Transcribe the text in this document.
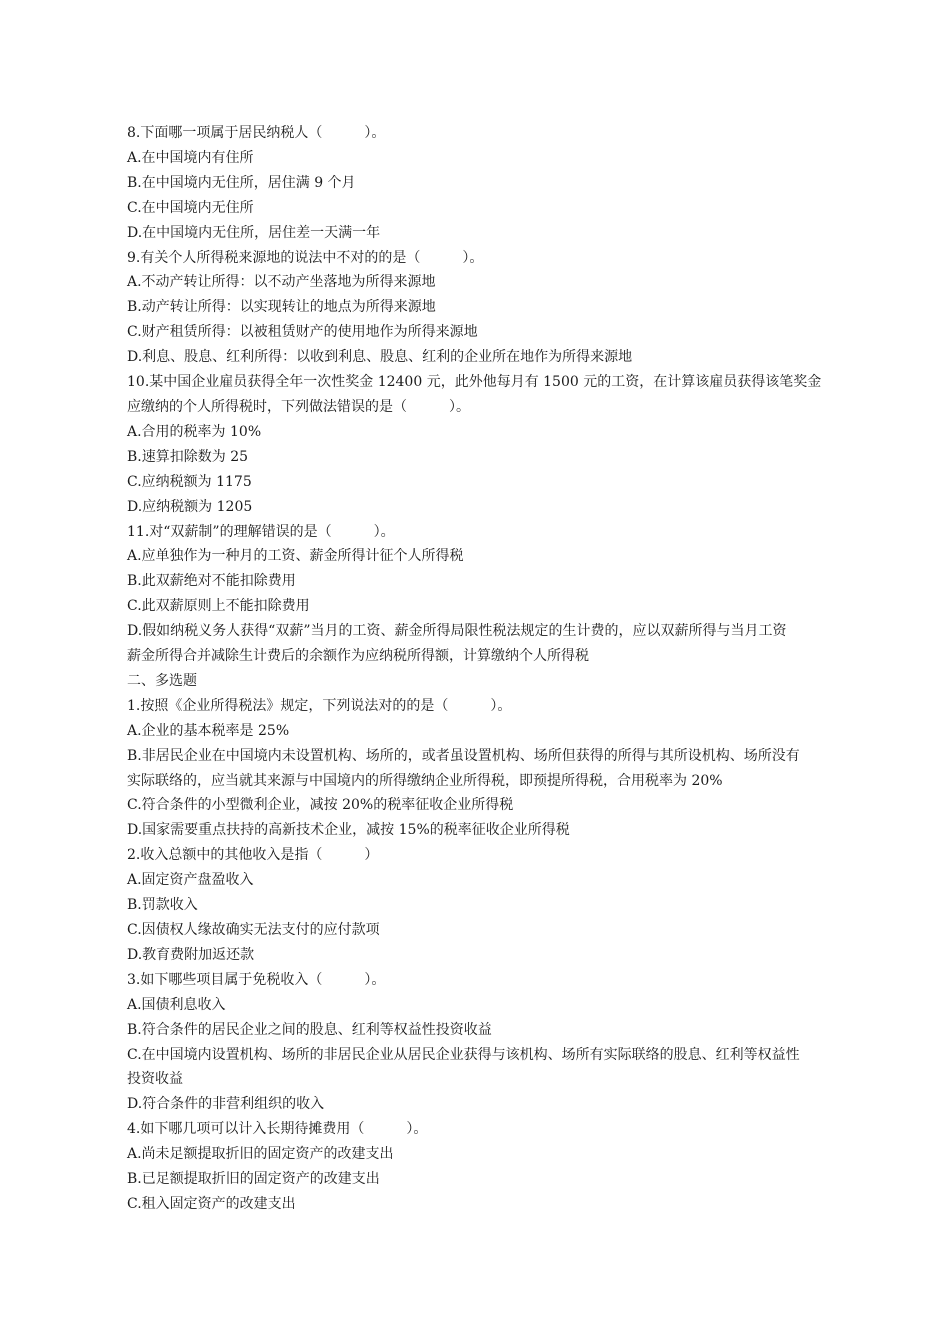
8.下面哪一项属于居民纳税人（　　　）。

A.在中国境内有住所

B.在中国境内无住所，居住满 9 个月

C.在中国境内无住所

D.在中国境内无住所，居住差一天满一年

9.有关个人所得税来源地的说法中不对的的是（　　　）。

A.不动产转让所得：以不动产坐落地为所得来源地

B.动产转让所得：以实现转让的地点为所得来源地

C.财产租赁所得：以被租赁财产的使用地作为所得来源地

D.利息、股息、红利所得：以收到利息、股息、红利的企业所在地作为所得来源地

10.某中国企业雇员获得全年一次性奖金 12400 元，此外他每月有 1500 元的工资，在计算该雇员获得该笔奖金

应缴纳的个人所得税时，下列做法错误的是（　　　）。

A.合用的税率为 10%

B.速算扣除数为 25

C.应纳税额为 1175

D.应纳税额为 1205

11.对“双薪制”的理解错误的是（　　　）。

A.应单独作为一种月的工资、薪金所得计征个人所得税

B.此双薪绝对不能扣除费用

C.此双薪原则上不能扣除费用

D.假如纳税义务人获得“双薪”当月的工资、薪金所得局限性税法规定的生计费的，应以双薪所得与当月工资

薪金所得合并减除生计费后的余额作为应纳税所得额，计算缴纳个人所得税

二、多选题

1.按照《企业所得税法》规定，下列说法对的的是（　　　）。

A.企业的基本税率是 25%

B.非居民企业在中国境内未设置机构、场所的，或者虽设置机构、场所但获得的所得与其所设机构、场所没有

实际联络的，应当就其来源与中国境内的所得缴纳企业所得税，即预提所得税，合用税率为 20%

C.符合条件的小型微利企业，减按 20%的税率征收企业所得税

D.国家需要重点扶持的高新技术企业，减按 15%的税率征收企业所得税

2.收入总额中的其他收入是指（　　　）

A.固定资产盘盈收入

B.罚款收入

C.因债权人缘故确实无法支付的应付款项

D.教育费附加返还款

3.如下哪些项目属于免税收入（　　　）。

A.国债利息收入

B.符合条件的居民企业之间的股息、红利等权益性投资收益

C.在中国境内设置机构、场所的非居民企业从居民企业获得与该机构、场所有实际联络的股息、红利等权益性

投资收益

D.符合条件的非营利组织的收入

4.如下哪几项可以计入长期待摊费用（　　　）。

A.尚未足额提取折旧的固定资产的改建支出

B.已足额提取折旧的固定资产的改建支出

C.租入固定资产的改建支出
